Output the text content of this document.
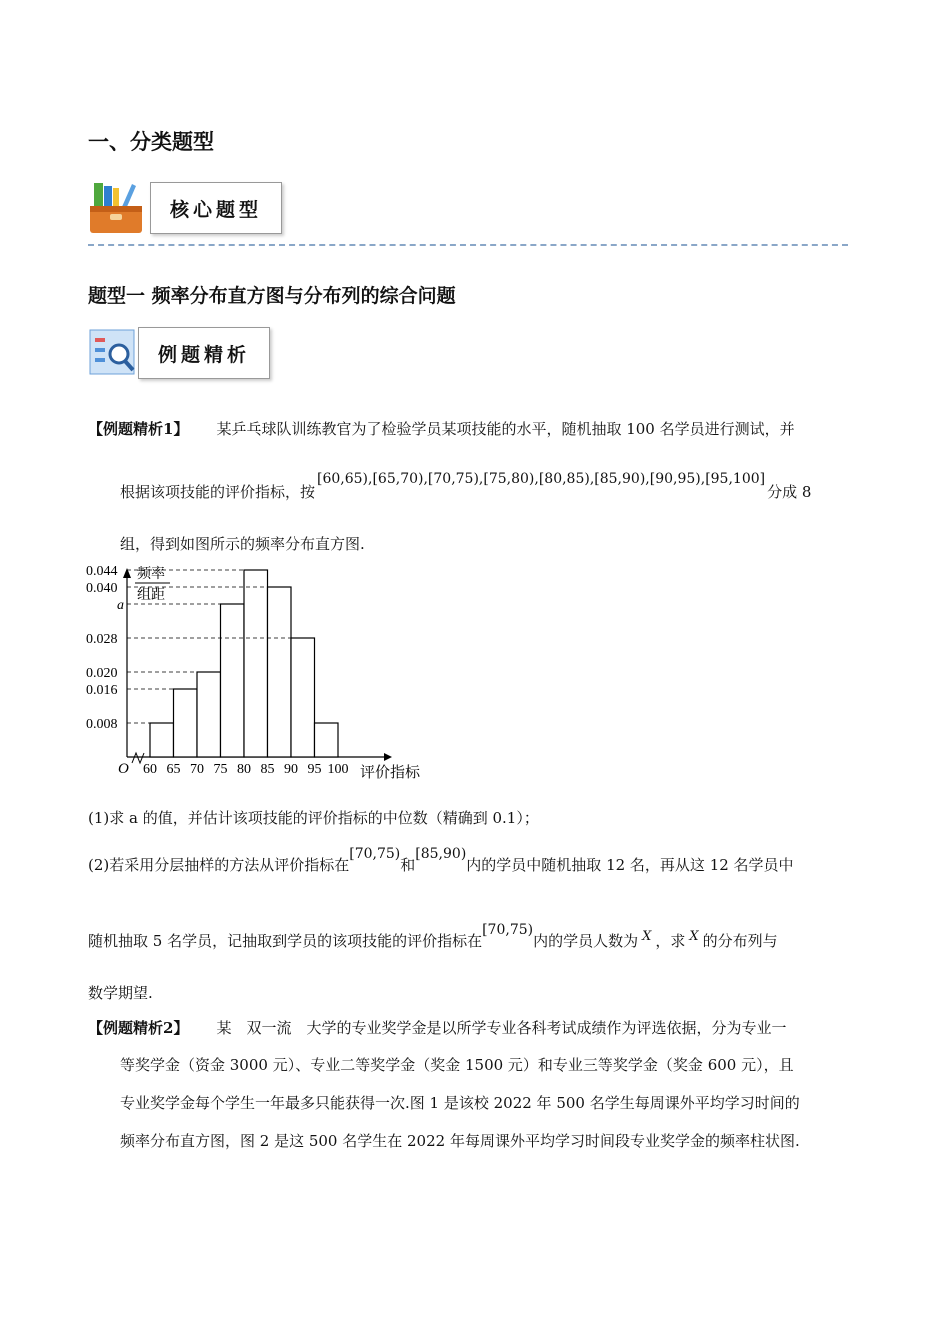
一、分类题型
核心题型
题型一 频率分布直方图与分布列的综合问题
例题精析
【例题精析1】 某乒乓球队训练教官为了检验学员某项技能的水平，随机抽取 100 名学员进行测试，并
根据该项技能的评价指标，按[60,65),[65,70),[70,75),[75,80),[80,85),[85,90),[90,95),[95,100]分成 8
组，得到如图所示的频率分布直方图.
频率
组距
0.044
0.040
a
0.028
0.020
0.016
0.008
60 65 70 75 80 85 90 95 100
O	评价指标
(1)求 a 的值，并估计该项技能的评价指标的中位数（精确到 0.1）；
(2)若采用分层抽样的方法从评价指标在[70,75)和[85,90)内的学员中随机抽取 12 名，再从这 12 名学员中
随机抽取 5 名学员，记抽取到学员的该项技能的评价指标在[70,75)内的学员人数为 X ，求 X 的分布列与
数学期望.
【例题精析2】 某　双一流　大学的专业奖学金是以所学专业各科考试成绩作为评选依据，分为专业一
等奖学金（资金 3000 元）、专业二等奖学金（奖金 1500 元）和专业三等奖学金（奖金 600 元），且
专业奖学金每个学生一年最多只能获得一次.图 1 是该校 2022 年 500 名学生每周课外平均学习时间的
频率分布直方图，图 2 是这 500 名学生在 2022 年每周课外平均学习时间段专业奖学金的频率柱状图.
